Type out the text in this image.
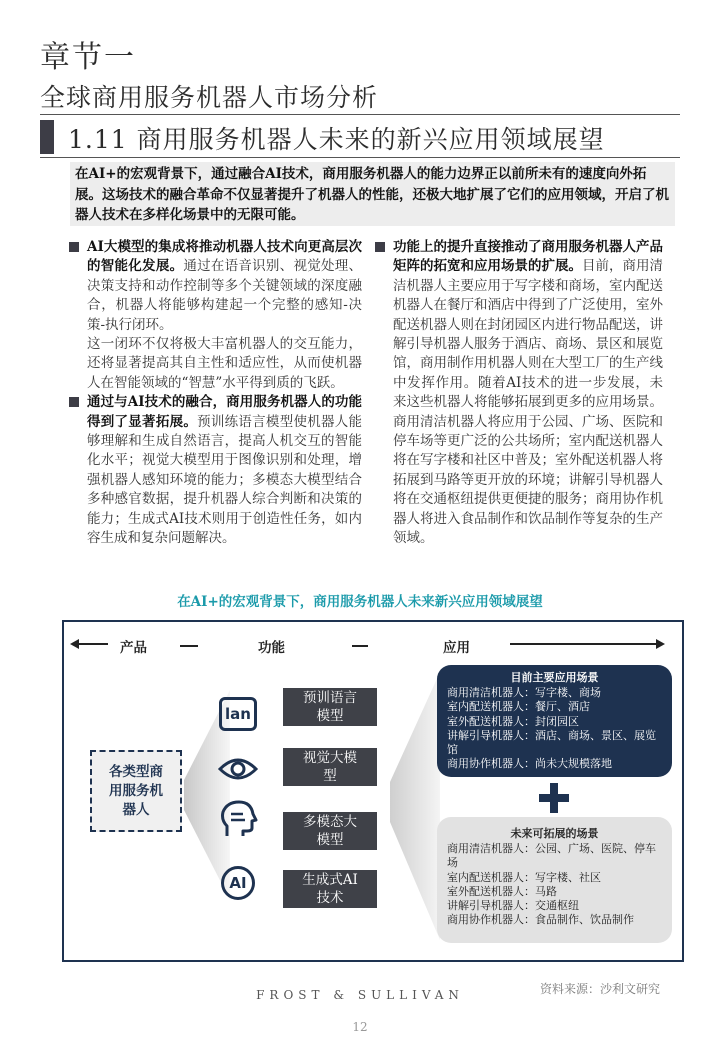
章节一
全球商用服务机器人市场分析
1.11 商用服务机器人未来的新兴应用领域展望
在AI+的宏观背景下，通过融合AI技术，商用服务机器人的能力边界正以前所未有的速度向外拓展。这场技术的融合革命不仅显著提升了机器人的性能，还极大地扩展了它们的应用领域，开启了机器人技术在多样化场景中的无限可能。
AI大模型的集成将推动机器人技术向更高层次的智能化发展。通过在语音识别、视觉处理、决策支持和动作控制等多个关键领域的深度融合，机器人将能够构建起一个完整的感知-决策-执行闭环。
这一闭环不仅将极大丰富机器人的交互能力，还将显著提高其自主性和适应性，从而使机器人在智能领域的“智慧”水平得到质的飞跃。
通过与AI技术的融合，商用服务机器人的功能得到了显著拓展。预训练语言模型使机器人能够理解和生成自然语言，提高人机交互的智能化水平；视觉大模型用于图像识别和处理，增强机器人感知环境的能力；多模态大模型结合多种感官数据，提升机器人综合判断和决策的能力；生成式AI技术则用于创造性任务，如内容生成和复杂问题解决。
功能上的提升直接推动了商用服务机器人产品矩阵的拓宽和应用场景的扩展。目前，商用清洁机器人主要应用于写字楼和商场，室内配送机器人在餐厅和酒店中得到了广泛使用，室外配送机器人则在封闭园区内进行物品配送，讲解引导机器人服务于酒店、商场、景区和展览馆，商用制作用机器人则在大型工厂的生产线中发挥作用。随着AI技术的进一步发展，未来这些机器人将能够拓展到更多的应用场景。商用清洁机器人将应用于公园、广场、医院和停车场等更广泛的公共场所；室内配送机器人将在写字楼和社区中普及；室外配送机器人将拓展到马路等更开放的环境；讲解引导机器人将在交通枢纽提供更便捷的服务；商用协作机器人将进入食品制作和饮品制作等复杂的生产领域。
在AI+的宏观背景下，商用服务机器人未来新兴应用领域展望
产品	功能	应用
各类型商用服务机器人
lan
AI
预训语言模型
视觉大模型
多模态大模型
生成式AI技术
目前主要应用场景
商用清洁机器人：写字楼、商场
室内配送机器人：餐厅、酒店
室外配送机器人：封闭园区
讲解引导机器人：酒店、商场、景区、展览馆
商用协作机器人：尚未大规模落地
未来可拓展的场景
商用清洁机器人：公园、广场、医院、停车场
室内配送机器人：写字楼、社区
室外配送机器人：马路
讲解引导机器人：交通枢纽
商用协作机器人：食品制作、饮品制作
资料来源：沙利文研究
FROST & SULLIVAN
12
